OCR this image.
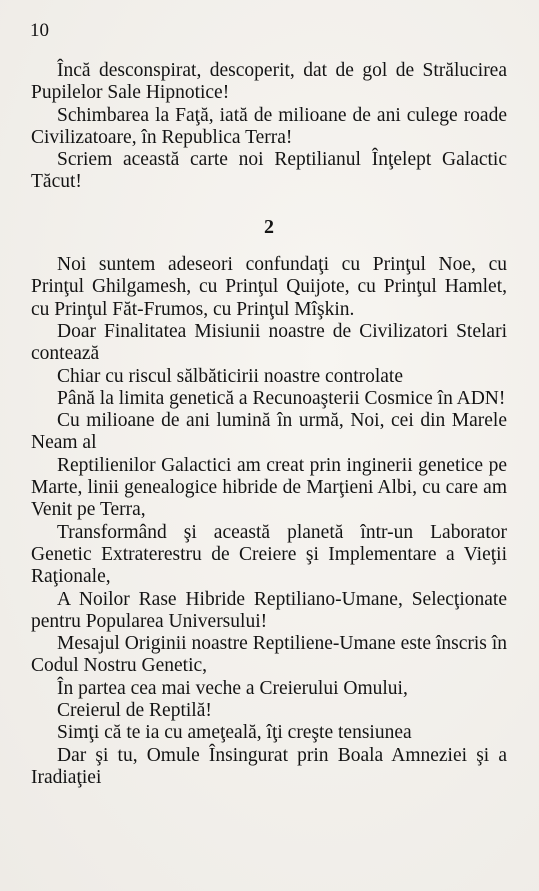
10

Încă desconspirat, descoperit, dat de gol de Strălucirea Pupilelor Sale Hipnotice!

Schimbarea la Faţă, iată de milioane de ani culege roade Civilizatoare, în Republica Terra!

Scriem această carte noi Reptilianul Înţelept Galactic Tăcut!

2

Noi suntem adeseori confundaţi cu Prinţul Noe, cu Prinţul Ghilgamesh, cu Prinţul Quijote, cu Prinţul Hamlet, cu Prinţul Făt-Frumos, cu Prinţul Mîşkin.

Doar Finalitatea Misiunii noastre de Civilizatori Stelari contează

Chiar cu riscul sălbăticirii noastre controlate

Până la limita genetică a Recunoaşterii Cosmice în ADN!

Cu milioane de ani lumină în urmă, Noi, cei din Marele Neam al

Reptilienilor Galactici am creat prin inginerii genetice pe Marte, linii genealogice hibride de Marţieni Albi, cu care am Venit pe Terra,

Transformând şi această planetă într-un Laborator Genetic Extraterestru de Creiere şi Implementare a Vieţii Raţionale,

A Noilor Rase Hibride Reptiliano-Umane, Selecţionate pentru Popularea Universului!

Mesajul Originii noastre Reptiliene-Umane este înscris în Codul Nostru Genetic,

În partea cea mai veche a Creierului Omului,

Creierul de Reptilă!

Simţi că te ia cu ameţeală, îţi creşte tensiunea

Dar şi tu, Omule Însingurat prin Boala Amneziei şi a Iradiaţiei
